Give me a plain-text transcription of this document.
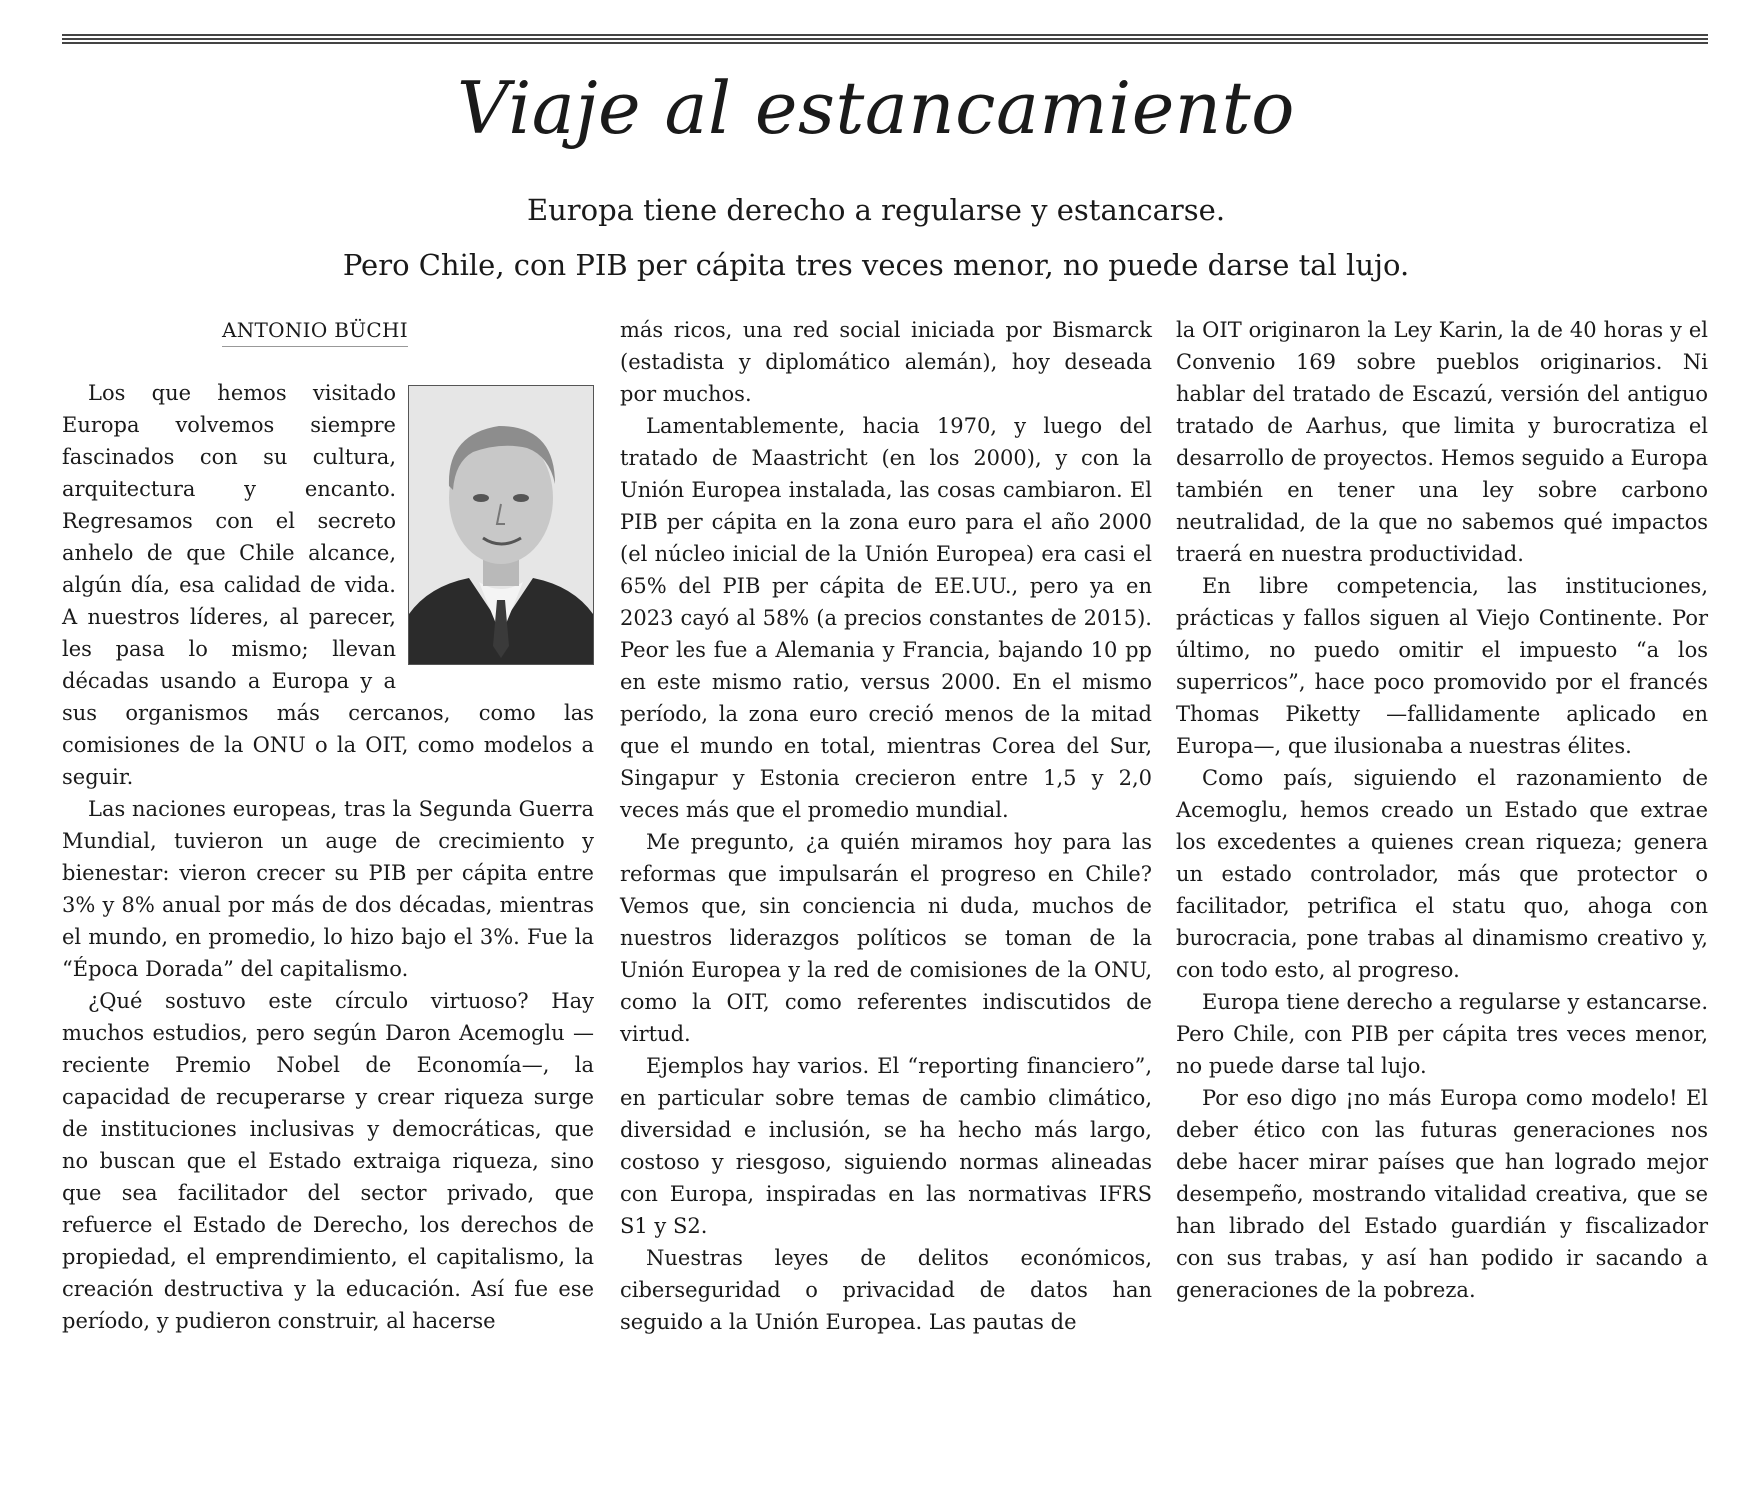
Viaje al estancamiento

Europa tiene derecho a regularse y estancarse.

Pero Chile, con PIB per cápita tres veces menor, no puede darse tal lujo.

ANTONIO BÜCHI

Los que hemos visitado Europa volvemos siempre fascinados con su cultura, arquitectura y encanto. Regresamos con el secreto anhelo de que Chile alcance, algún día, esa calidad de vida. A nuestros líderes, al parecer, les pasa lo mismo; llevan décadas usando a Europa y a sus organismos más cercanos, como las comisiones de la ONU o la OIT, como modelos a seguir.

Las naciones europeas, tras la Segunda Guerra Mundial, tuvieron un auge de crecimiento y bienestar: vieron crecer su PIB per cápita entre 3% y 8% anual por más de dos décadas, mientras el mundo, en promedio, lo hizo bajo el 3%. Fue la “Época Dorada” del capitalismo.

¿Qué sostuvo este círculo virtuoso? Hay muchos estudios, pero según Daron Acemoglu —reciente Premio Nobel de Economía—, la capacidad de recuperarse y crear riqueza surge de instituciones inclusivas y democráticas, que no buscan que el Estado extraiga riqueza, sino que sea facilitador del sector privado, que refuerce el Estado de Derecho, los derechos de propiedad, el emprendimiento, el capitalismo, la creación destructiva y la educación. Así fue ese período, y pudieron construir, al hacerse

más ricos, una red social iniciada por Bismarck (estadista y diplomático alemán), hoy deseada por muchos.

Lamentablemente, hacia 1970, y luego del tratado de Maastricht (en los 2000), y con la Unión Europea instalada, las cosas cambiaron. El PIB per cápita en la zona euro para el año 2000 (el núcleo inicial de la Unión Europea) era casi el 65% del PIB per cápita de EE.UU., pero ya en 2023 cayó al 58% (a precios constantes de 2015). Peor les fue a Alemania y Francia, bajando 10 pp en este mismo ratio, versus 2000. En el mismo período, la zona euro creció menos de la mitad que el mundo en total, mientras Corea del Sur, Singapur y Estonia crecieron entre 1,5 y 2,0 veces más que el promedio mundial.

Me pregunto, ¿a quién miramos hoy para las reformas que impulsarán el progreso en Chile? Vemos que, sin conciencia ni duda, muchos de nuestros liderazgos políticos se toman de la Unión Europea y la red de comisiones de la ONU, como la OIT, como referentes indiscutidos de virtud.

Ejemplos hay varios. El “reporting financiero”, en particular sobre temas de cambio climático, diversidad e inclusión, se ha hecho más largo, costoso y riesgoso, siguiendo normas alineadas con Europa, inspiradas en las normativas IFRS S1 y S2.

Nuestras leyes de delitos económicos, ciberseguridad o privacidad de datos han seguido a la Unión Europea. Las pautas de

la OIT originaron la Ley Karin, la de 40 horas y el Convenio 169 sobre pueblos originarios. Ni hablar del tratado de Escazú, versión del antiguo tratado de Aarhus, que limita y burocratiza el desarrollo de proyectos. Hemos seguido a Europa también en tener una ley sobre carbono neutralidad, de la que no sabemos qué impactos traerá en nuestra productividad.

En libre competencia, las instituciones, prácticas y fallos siguen al Viejo Continente. Por último, no puedo omitir el impuesto “a los superricos”, hace poco promovido por el francés Thomas Piketty —fallidamente aplicado en Europa—, que ilusionaba a nuestras élites.

Como país, siguiendo el razonamiento de Acemoglu, hemos creado un Estado que extrae los excedentes a quienes crean riqueza; genera un estado controlador, más que protector o facilitador, petrifica el statu quo, ahoga con burocracia, pone trabas al dinamismo creativo y, con todo esto, al progreso.

Europa tiene derecho a regularse y estancarse. Pero Chile, con PIB per cápita tres veces menor, no puede darse tal lujo.

Por eso digo ¡no más Europa como modelo! El deber ético con las futuras generaciones nos debe hacer mirar países que han logrado mejor desempeño, mostrando vitalidad creativa, que se han librado del Estado guardián y fiscalizador con sus trabas, y así han podido ir sacando a generaciones de la pobreza.
